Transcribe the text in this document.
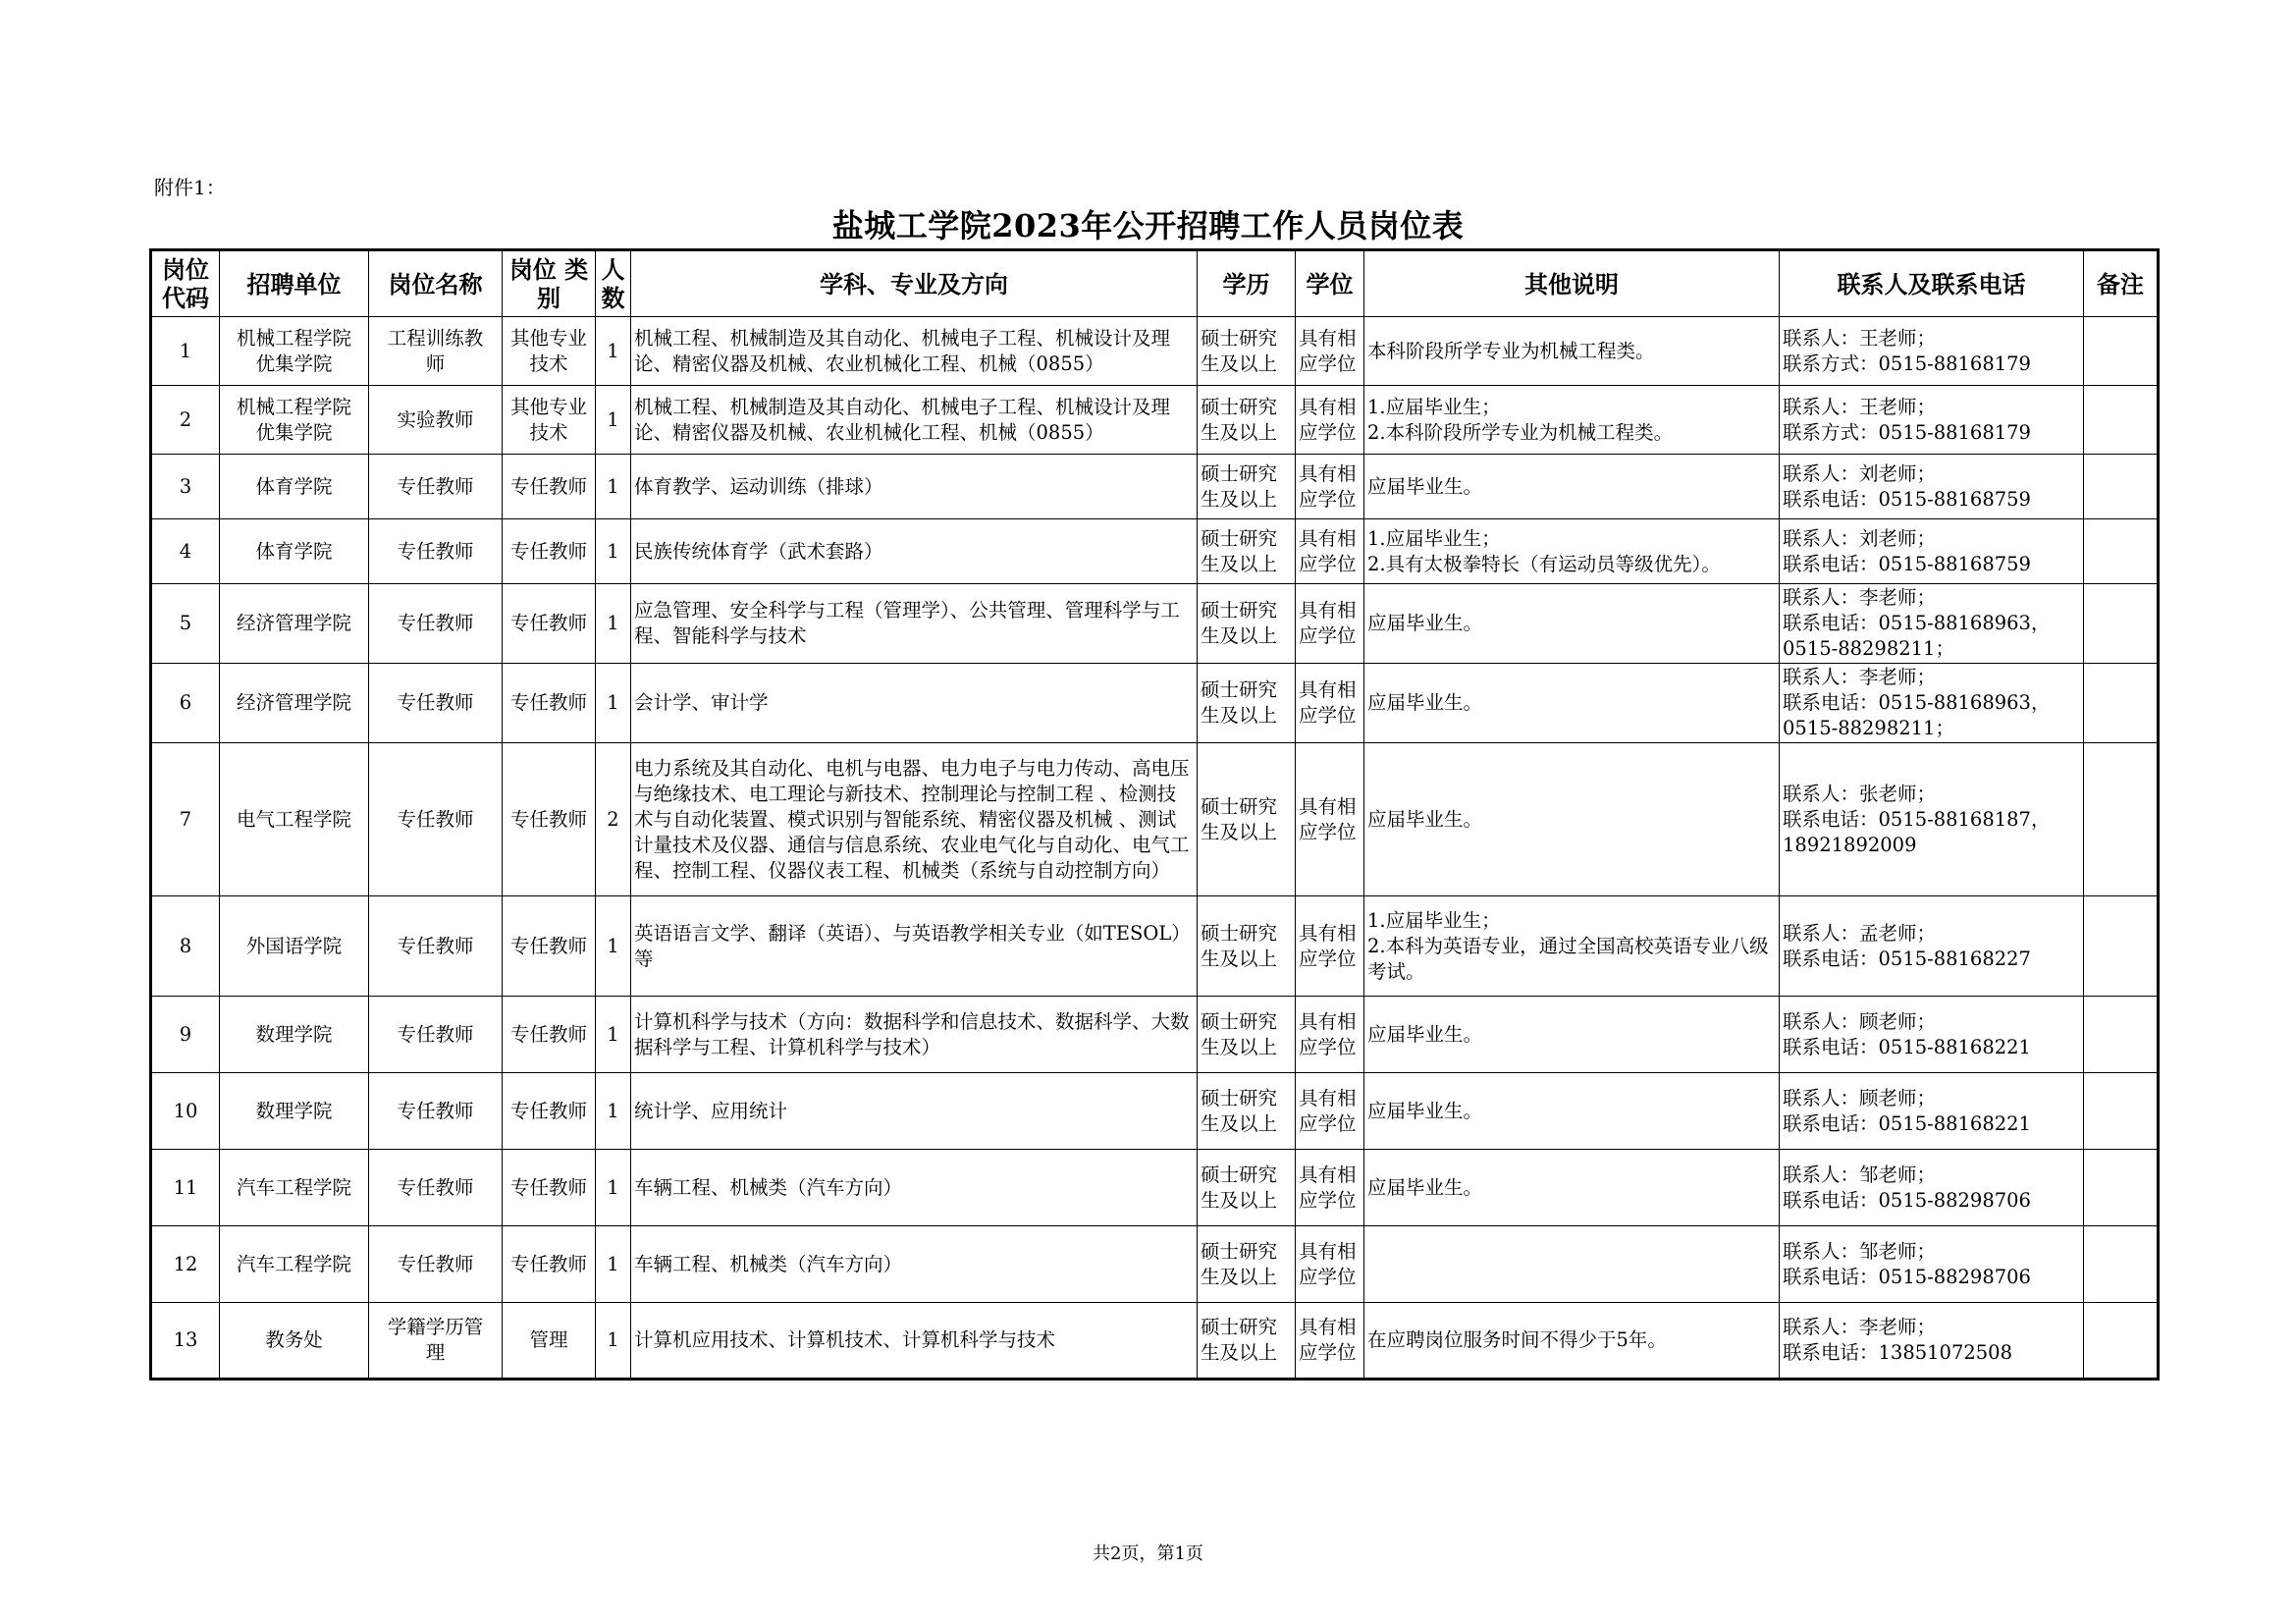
附件1：
盐城工学院2023年公开招聘工作人员岗位表
岗位 代码	招聘单位	岗位名称	岗位 类别	人 数	学科、专业及方向	学历	学位	其他说明	联系人及联系电话	备注
1	机械工程学院
优集学院	工程训练教
师	其他专业
技术	1	机械工程、机械制造及其自动化、机械电子工程、机械设计及理论、精密仪器及机械、农业机械化工程、机械（0855）	硕士研究
生及以上	具有相
应学位	本科阶段所学专业为机械工程类。	联系人：王老师；
联系方式：0515-88168179	
2	机械工程学院
优集学院	实验教师	其他专业
技术	1	机械工程、机械制造及其自动化、机械电子工程、机械设计及理论、精密仪器及机械、农业机械化工程、机械（0855）	硕士研究
生及以上	具有相
应学位	1.应届毕业生；
2.本科阶段所学专业为机械工程类。	联系人：王老师；
联系方式：0515-88168179	
3	体育学院	专任教师	专任教师	1	体育教学、运动训练（排球）	硕士研究
生及以上	具有相
应学位	应届毕业生。	联系人：刘老师；
联系电话：0515-88168759	
4	体育学院	专任教师	专任教师	1	民族传统体育学（武术套路）	硕士研究
生及以上	具有相
应学位	1.应届毕业生；
2.具有太极拳特长（有运动员等级优先）。	联系人：刘老师；
联系电话：0515-88168759	
5	经济管理学院	专任教师	专任教师	1	应急管理、安全科学与工程（管理学）、公共管理、管理科学与工程、智能科学与技术	硕士研究
生及以上	具有相
应学位	应届毕业生。	联系人：李老师；
联系电话：0515-88168963，
0515-88298211；	
6	经济管理学院	专任教师	专任教师	1	会计学、审计学	硕士研究
生及以上	具有相
应学位	应届毕业生。	联系人：李老师；
联系电话：0515-88168963，
0515-88298211；	
7	电气工程学院	专任教师	专任教师	2	电力系统及其自动化、电机与电器、电力电子与电力传动、高电压与绝缘技术、电工理论与新技术、控制理论与控制工程 、检测技术与自动化装置、模式识别与智能系统、精密仪器及机械 、测试计量技术及仪器、通信与信息系统、农业电气化与自动化、电气工程、控制工程、仪器仪表工程、机械类（系统与自动控制方向）	硕士研究
生及以上	具有相
应学位	应届毕业生。	联系人：张老师；
联系电话：0515-88168187，
18921892009	
8	外国语学院	专任教师	专任教师	1	英语语言文学、翻译（英语）、与英语教学相关专业（如TESOL）等	硕士研究
生及以上	具有相
应学位	1.应届毕业生；
2.本科为英语专业，通过全国高校英语专业八级考试。	联系人：孟老师；
联系电话：0515-88168227	
9	数理学院	专任教师	专任教师	1	计算机科学与技术（方向：数据科学和信息技术、数据科学、大数据科学与工程、计算机科学与技术）	硕士研究
生及以上	具有相
应学位	应届毕业生。	联系人：顾老师；
联系电话：0515-88168221	
10	数理学院	专任教师	专任教师	1	统计学、应用统计	硕士研究
生及以上	具有相
应学位	应届毕业生。	联系人：顾老师；
联系电话：0515-88168221	
11	汽车工程学院	专任教师	专任教师	1	车辆工程、机械类（汽车方向）	硕士研究
生及以上	具有相
应学位	应届毕业生。	联系人：邹老师；
联系电话：0515-88298706	
12	汽车工程学院	专任教师	专任教师	1	车辆工程、机械类（汽车方向）	硕士研究
生及以上	具有相
应学位		联系人：邹老师；
联系电话：0515-88298706	
13	教务处	学籍学历管
理	管理	1	计算机应用技术、计算机技术、计算机科学与技术	硕士研究
生及以上	具有相
应学位	在应聘岗位服务时间不得少于5年。	联系人：李老师；
联系电话：13851072508	
共2页，第1页
